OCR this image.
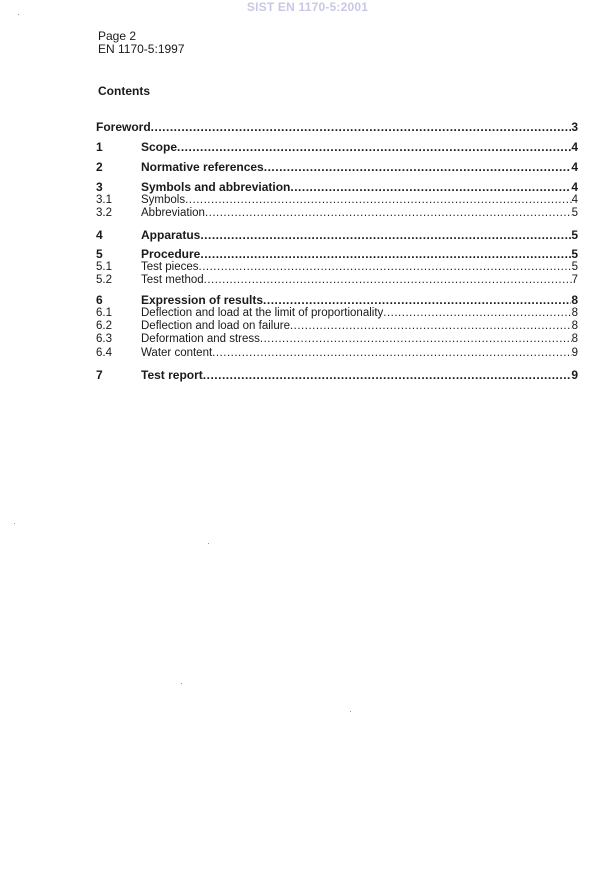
SIST EN 1170-5:2001
Page 2
EN 1170-5:1997
Contents
Foreword .....	3
1	Scope .....	4
2	Normative references .....	4
3	Symbols and abbreviation .....	4
3.1	Symbols .....	4
3.2	Abbreviation .....	5
4	Apparatus .....	5
5	Procedure .....	5
5.1	Test pieces .....	5
5.2	Test method .....	7
6	Expression of results .....	8
6.1	Deflection and load at the limit of proportionality .....	8
6.2	Deflection and load on failure .....	8
6.3	Deformation and stress .....	8
6.4	Water content .....	9
7	Test report .....	9
